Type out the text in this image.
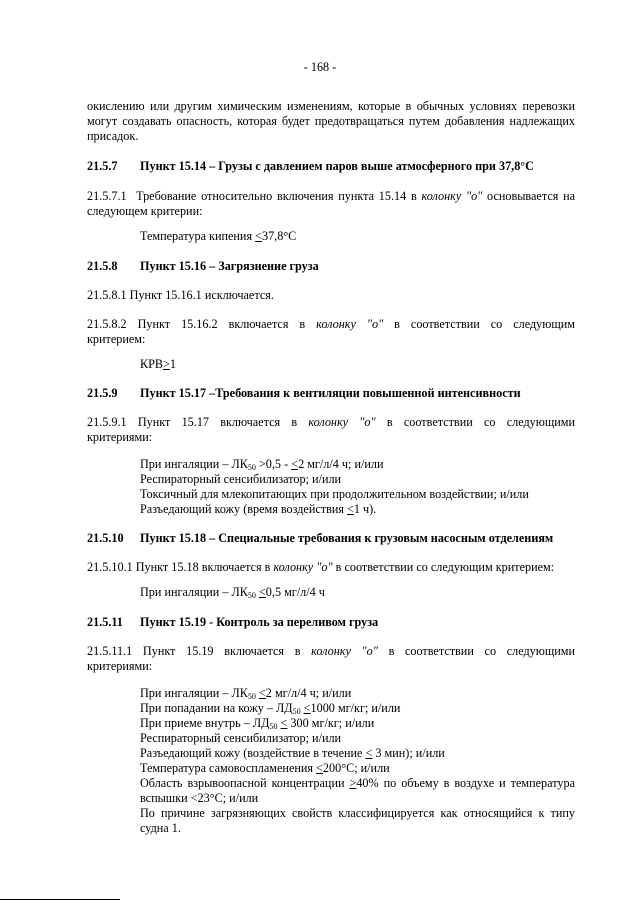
- 168 -
окислению или другим химическим изменениям, которые в обычных условиях перевозки
могут создавать опасность, которая будет предотвращаться путем добавления надлежащих
присадок.
21.5.7 Пункт 15.14 – Грузы с давлением паров выше атмосферного при 37,8°С
21.5.7.1 Требование относительно включения пункта 15.14 в колонку "о" основывается на
следующем критерии:
Температура кипения ≤37,8°С
21.5.8 Пункт 15.16 – Загрязнение груза
21.5.8.1 Пункт 15.16.1 исключается.
21.5.8.2 Пункт 15.16.2 включается в колонку "о" в соответствии со следующим
критерием:
КРВ≥1
21.5.9 Пункт 15.17 –Требования к вентиляции повышенной интенсивности
21.5.9.1 Пункт 15.17 включается в колонку "о" в соответствии со следующими
критериями:
При ингаляции – $ЛК_{50} >0,5 - \le 2$ мг/л/4 ч; и/или
Респираторный сенсибилизатор; и/или
Токсичный для млекопитающих при продолжительном воздействии; и/или
Разъедающий кожу (время воздействия ≤1 ч).
21.5.10 Пункт 15.18 – Специальные требования к грузовым насосным отделениям
21.5.10.1 Пункт 15.18 включается в колонку "о" в соответствии со следующим критерием:
При ингаляции – $ЛК_{50} \le 0,5$ мг/л/4 ч
21.5.11 Пункт 15.19 - Контроль за переливом груза
21.5.11.1 Пункт 15.19 включается в колонку "о" в соответствии со следующими
критериями:
При ингаляции – $ЛК_{50} \le 2$ мг/л/4 ч; и/или
При попадании на кожу – $ЛД_{50} \le 1000$ мг/кг; и/или
При приеме внутрь – $ЛД_{50} \le 300$ мг/кг; и/или
Респираторный сенсибилизатор; и/или
Разъедающий кожу (воздействие в течение ≤ 3 мин); и/или
Температура самовоспламенения ≤200°С; и/или
Область взрывоопасной концентрации ≥40% по объему в воздухе и температура
вспышки <23°С; и/или
По причине загрязняющих свойств классифицируется как относящийся к типу
судна 1.
